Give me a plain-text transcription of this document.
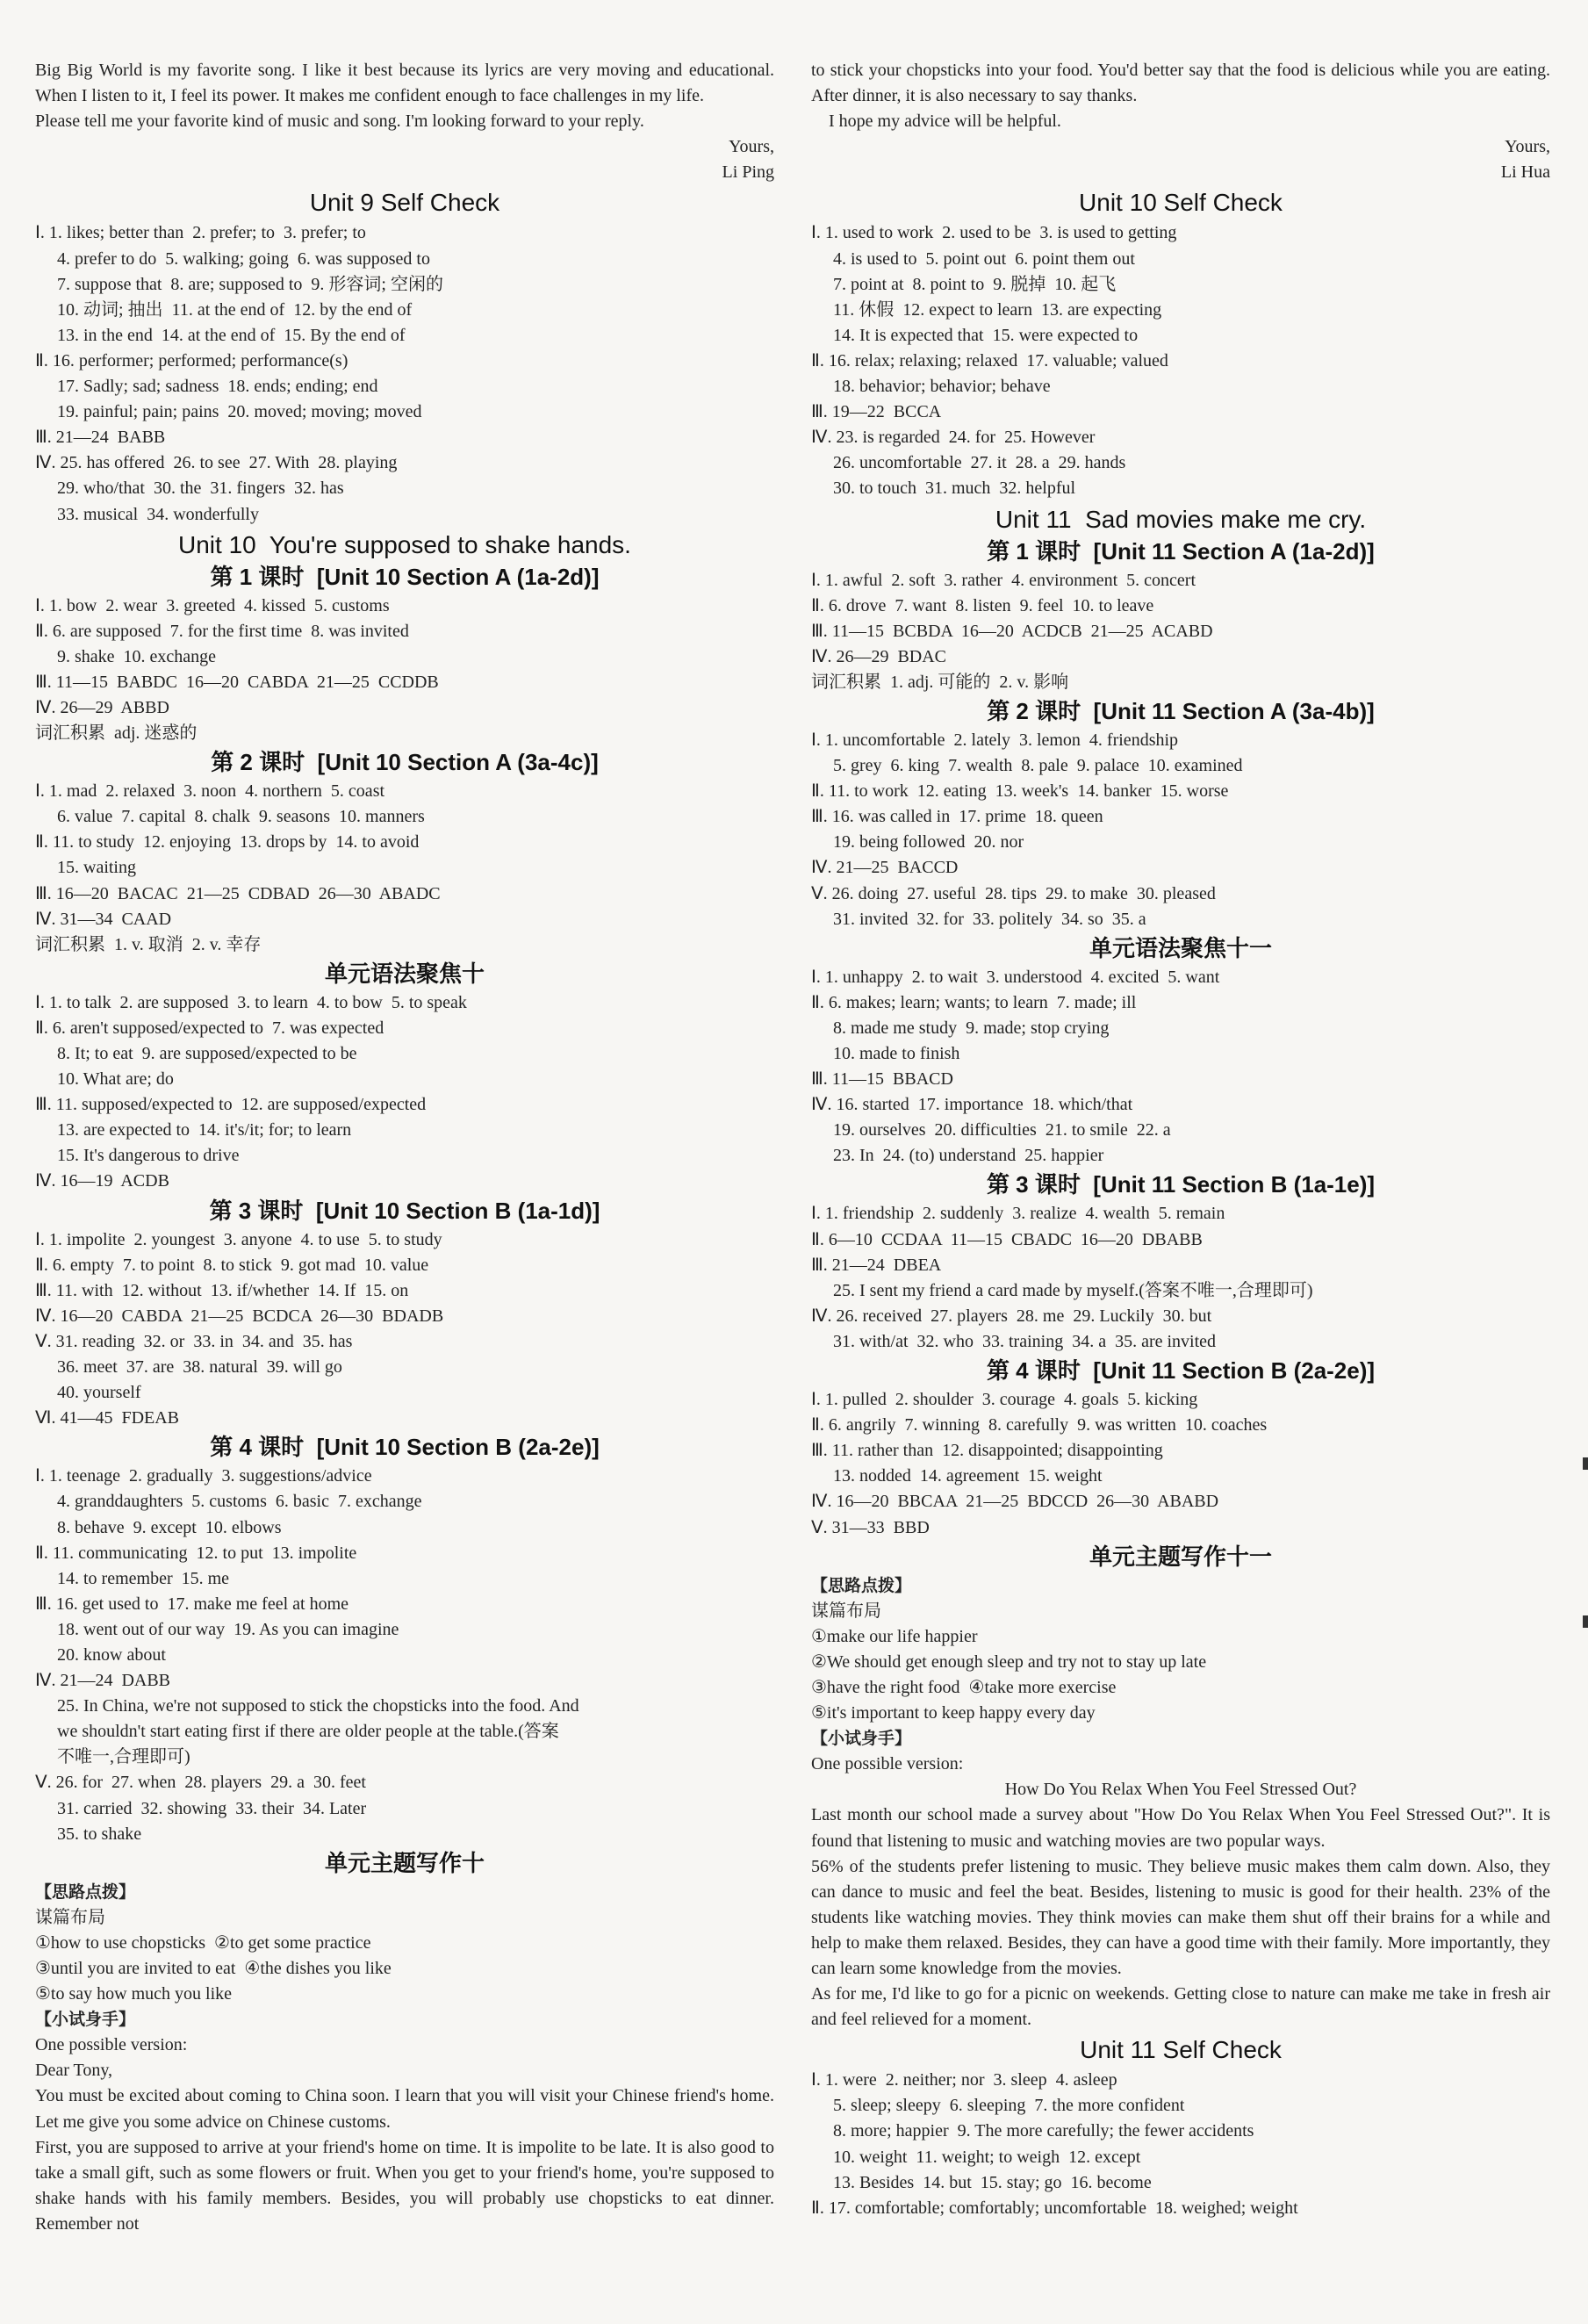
Big Big World is my favorite song. I like it best because its lyrics are very moving and educational. When I listen to it, I feel its power. It makes me confident enough to face challenges in my life.
Please tell me your favorite kind of music and song. I'm looking forward to your reply.
Yours,
Li Ping
Unit 9 Self Check
Ⅰ. 1. likes; better than  2. prefer; to  3. prefer; to
4. prefer to do  5. walking; going  6. was supposed to
7. suppose that  8. are; supposed to  9. 形容词; 空闲的
10. 动词; 抽出  11. at the end of  12. by the end of
13. in the end  14. at the end of  15. By the end of
Ⅱ. 16. performer; performed; performance(s)
17. Sadly; sad; sadness  18. ends; ending; end
19. painful; pain; pains  20. moved; moving; moved
Ⅲ. 21—24  BABB
Ⅳ. 25. has offered  26. to see  27. With  28. playing
29. who/that  30. the  31. fingers  32. has
33. musical  34. wonderfully
Unit 10  You're supposed to shake hands.
第 1 课时  [Unit 10 Section A (1a-2d)]
Ⅰ. 1. bow  2. wear  3. greeted  4. kissed  5. customs
Ⅱ. 6. are supposed  7. for the first time  8. was invited
9. shake  10. exchange
Ⅲ. 11—15  BABDC  16—20  CABDA  21—25  CCDDB
Ⅳ. 26—29  ABBD
词汇积累  adj. 迷惑的
第 2 课时  [Unit 10 Section A (3a-4c)]
Ⅰ. 1. mad  2. relaxed  3. noon  4. northern  5. coast
6. value  7. capital  8. chalk  9. seasons  10. manners
Ⅱ. 11. to study  12. enjoying  13. drops by  14. to avoid
15. waiting
Ⅲ. 16—20  BACAC  21—25  CDBAD  26—30  ABADC
Ⅳ. 31—34  CAAD
词汇积累  1. v. 取消  2. v. 幸存
单元语法聚焦十
Ⅰ. 1. to talk  2. are supposed  3. to learn  4. to bow  5. to speak
Ⅱ. 6. aren't supposed/expected to  7. was expected
8. It; to eat  9. are supposed/expected to be
10. What are; do
Ⅲ. 11. supposed/expected to  12. are supposed/expected
13. are expected to  14. it's/it; for; to learn
15. It's dangerous to drive
Ⅳ. 16—19  ACDB
第 3 课时  [Unit 10 Section B (1a-1d)]
Ⅰ. 1. impolite  2. youngest  3. anyone  4. to use  5. to study
Ⅱ. 6. empty  7. to point  8. to stick  9. got mad  10. value
Ⅲ. 11. with  12. without  13. if/whether  14. If  15. on
Ⅳ. 16—20  CABDA  21—25  BCDCA  26—30  BDADB
Ⅴ. 31. reading  32. or  33. in  34. and  35. has
36. meet  37. are  38. natural  39. will go
40. yourself
Ⅵ. 41—45  FDEAB
第 4 课时  [Unit 10 Section B (2a-2e)]
Ⅰ. 1. teenage  2. gradually  3. suggestions/advice
4. granddaughters  5. customs  6. basic  7. exchange
8. behave  9. except  10. elbows
Ⅱ. 11. communicating  12. to put  13. impolite
14. to remember  15. me
Ⅲ. 16. get used to  17. make me feel at home
18. went out of our way  19. As you can imagine
20. know about
Ⅳ. 21—24  DABB
25. In China, we're not supposed to stick the chopsticks into the food. And
we shouldn't start eating first if there are older people at the table.(答案
不唯一,合理即可)
Ⅴ. 26. for  27. when  28. players  29. a  30. feet
31. carried  32. showing  33. their  34. Later
35. to shake
单元主题写作十
【思路点拨】
谋篇布局
①how to use chopsticks  ②to get some practice
③until you are invited to eat  ④the dishes you like
⑤to say how much you like
【小试身手】
One possible version:
Dear Tony,
You must be excited about coming to China soon. I learn that you will visit your Chinese friend's home. Let me give you some advice on Chinese customs.
First, you are supposed to arrive at your friend's home on time. It is impolite to be late. It is also good to take a small gift, such as some flowers or fruit. When you get to your friend's home, you're supposed to shake hands with his family members. Besides, you will probably use chopsticks to eat dinner. Remember not
to stick your chopsticks into your food. You'd better say that the food is delicious while you are eating. After dinner, it is also necessary to say thanks.
I hope my advice will be helpful.
Yours,
Li Hua
Unit 10 Self Check
Ⅰ. 1. used to work  2. used to be  3. is used to getting
4. is used to  5. point out  6. point them out
7. point at  8. point to  9. 脱掉  10. 起飞
11. 休假  12. expect to learn  13. are expecting
14. It is expected that  15. were expected to
Ⅱ. 16. relax; relaxing; relaxed  17. valuable; valued
18. behavior; behavior; behave
Ⅲ. 19—22  BCCA
Ⅳ. 23. is regarded  24. for  25. However
26. uncomfortable  27. it  28. a  29. hands
30. to touch  31. much  32. helpful
Unit 11  Sad movies make me cry.
第 1 课时  [Unit 11 Section A (1a-2d)]
Ⅰ. 1. awful  2. soft  3. rather  4. environment  5. concert
Ⅱ. 6. drove  7. want  8. listen  9. feel  10. to leave
Ⅲ. 11—15  BCBDA  16—20  ACDCB  21—25  ACABD
Ⅳ. 26—29  BDAC
词汇积累  1. adj. 可能的  2. v. 影响
第 2 课时  [Unit 11 Section A (3a-4b)]
Ⅰ. 1. uncomfortable  2. lately  3. lemon  4. friendship
5. grey  6. king  7. wealth  8. pale  9. palace  10. examined
Ⅱ. 11. to work  12. eating  13. week's  14. banker  15. worse
Ⅲ. 16. was called in  17. prime  18. queen
19. being followed  20. nor
Ⅳ. 21—25  BACCD
Ⅴ. 26. doing  27. useful  28. tips  29. to make  30. pleased
31. invited  32. for  33. politely  34. so  35. a
单元语法聚焦十一
Ⅰ. 1. unhappy  2. to wait  3. understood  4. excited  5. want
Ⅱ. 6. makes; learn; wants; to learn  7. made; ill
8. made me study  9. made; stop crying
10. made to finish
Ⅲ. 11—15  BBACD
Ⅳ. 16. started  17. importance  18. which/that
19. ourselves  20. difficulties  21. to smile  22. a
23. In  24. (to) understand  25. happier
第 3 课时  [Unit 11 Section B (1a-1e)]
Ⅰ. 1. friendship  2. suddenly  3. realize  4. wealth  5. remain
Ⅱ. 6—10  CCDAA  11—15  CBADC  16—20  DBABB
Ⅲ. 21—24  DBEA
25. I sent my friend a card made by myself.(答案不唯一,合理即可)
Ⅳ. 26. received  27. players  28. me  29. Luckily  30. but
31. with/at  32. who  33. training  34. a  35. are invited
第 4 课时  [Unit 11 Section B (2a-2e)]
Ⅰ. 1. pulled  2. shoulder  3. courage  4. goals  5. kicking
Ⅱ. 6. angrily  7. winning  8. carefully  9. was written  10. coaches
Ⅲ. 11. rather than  12. disappointed; disappointing
13. nodded  14. agreement  15. weight
Ⅳ. 16—20  BBCAA  21—25  BDCCD  26—30  ABABD
Ⅴ. 31—33  BBD
单元主题写作十一
【思路点拨】
谋篇布局
①make our life happier
②We should get enough sleep and try not to stay up late
③have the right food  ④take more exercise
⑤it's important to keep happy every day
【小试身手】
One possible version:
How Do You Relax When You Feel Stressed Out?
Last month our school made a survey about "How Do You Relax When You Feel Stressed Out?". It is found that listening to music and watching movies are two popular ways.
56% of the students prefer listening to music. They believe music makes them calm down. Also, they can dance to music and feel the beat. Besides, listening to music is good for their health. 23% of the students like watching movies. They think movies can make them shut off their brains for a while and help to make them relaxed. Besides, they can have a good time with their family. More importantly, they can learn some knowledge from the movies.
As for me, I'd like to go for a picnic on weekends. Getting close to nature can make me take in fresh air and feel relieved for a moment.
Unit 11 Self Check
Ⅰ. 1. were  2. neither; nor  3. sleep  4. asleep
5. sleep; sleepy  6. sleeping  7. the more confident
8. more; happier  9. The more carefully; the fewer accidents
10. weight  11. weight; to weigh  12. except
13. Besides  14. but  15. stay; go  16. become
Ⅱ. 17. comfortable; comfortably; uncomfortable  18. weighed; weight
